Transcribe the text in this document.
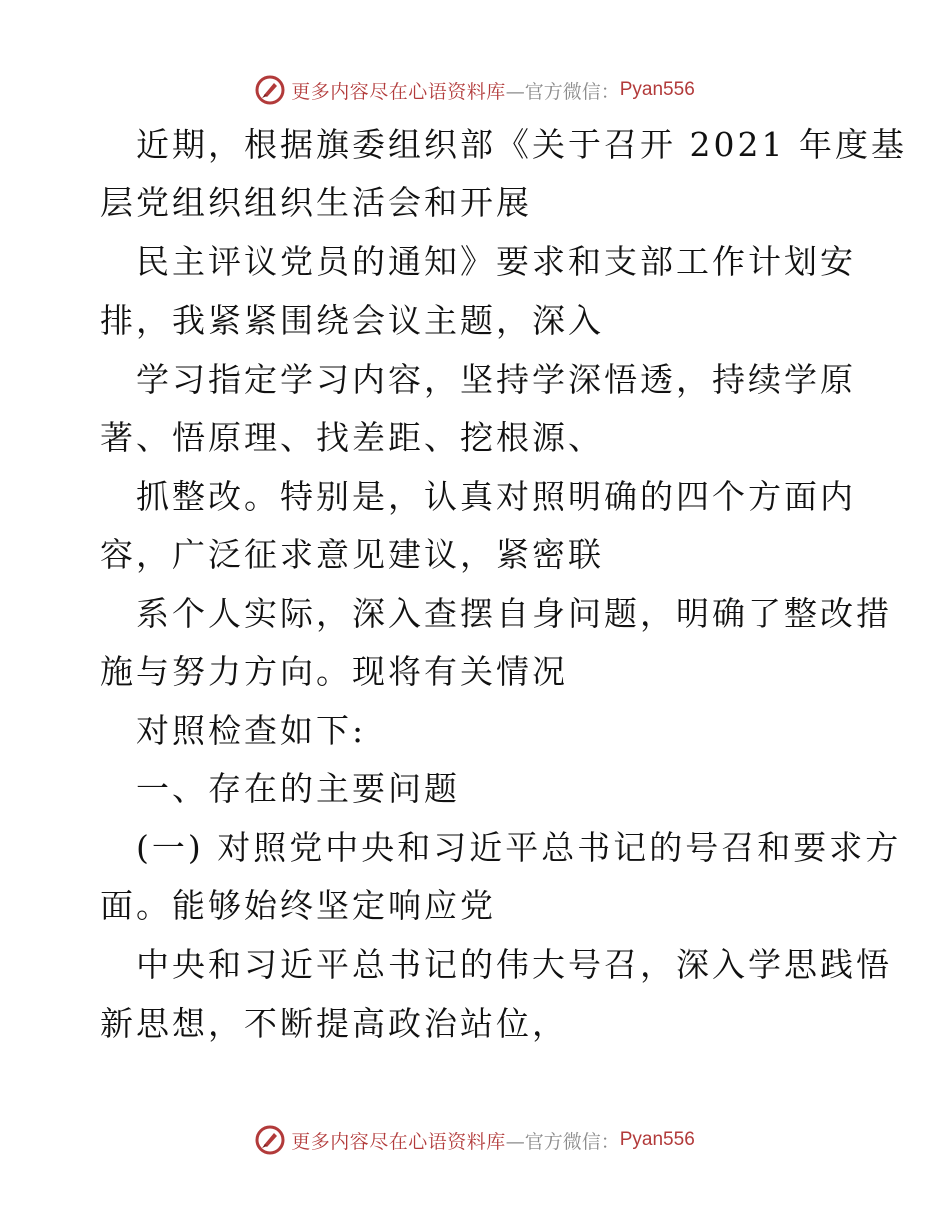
更多内容尽在心语资料库 —官方微信： Pyan556
近期，根据旗委组织部《关于召开 2021 年度基
层党组织组织生活会和开展
民主评议党员的通知》要求和支部工作计划安
排，我紧紧围绕会议主题，深入
学习指定学习内容，坚持学深悟透，持续学原
著、悟原理、找差距、挖根源、
抓整改。特别是，认真对照明确的四个方面内
容，广泛征求意见建议，紧密联
系个人实际，深入查摆自身问题，明确了整改措
施与努力方向。现将有关情况
对照检查如下:
一、存在的主要问题
(一) 对照党中央和习近平总书记的号召和要求方
面。能够始终坚定响应党
中央和习近平总书记的伟大号召，深入学思践悟
新思想，不断提高政治站位，
更多内容尽在心语资料库 —官方微信： Pyan556
